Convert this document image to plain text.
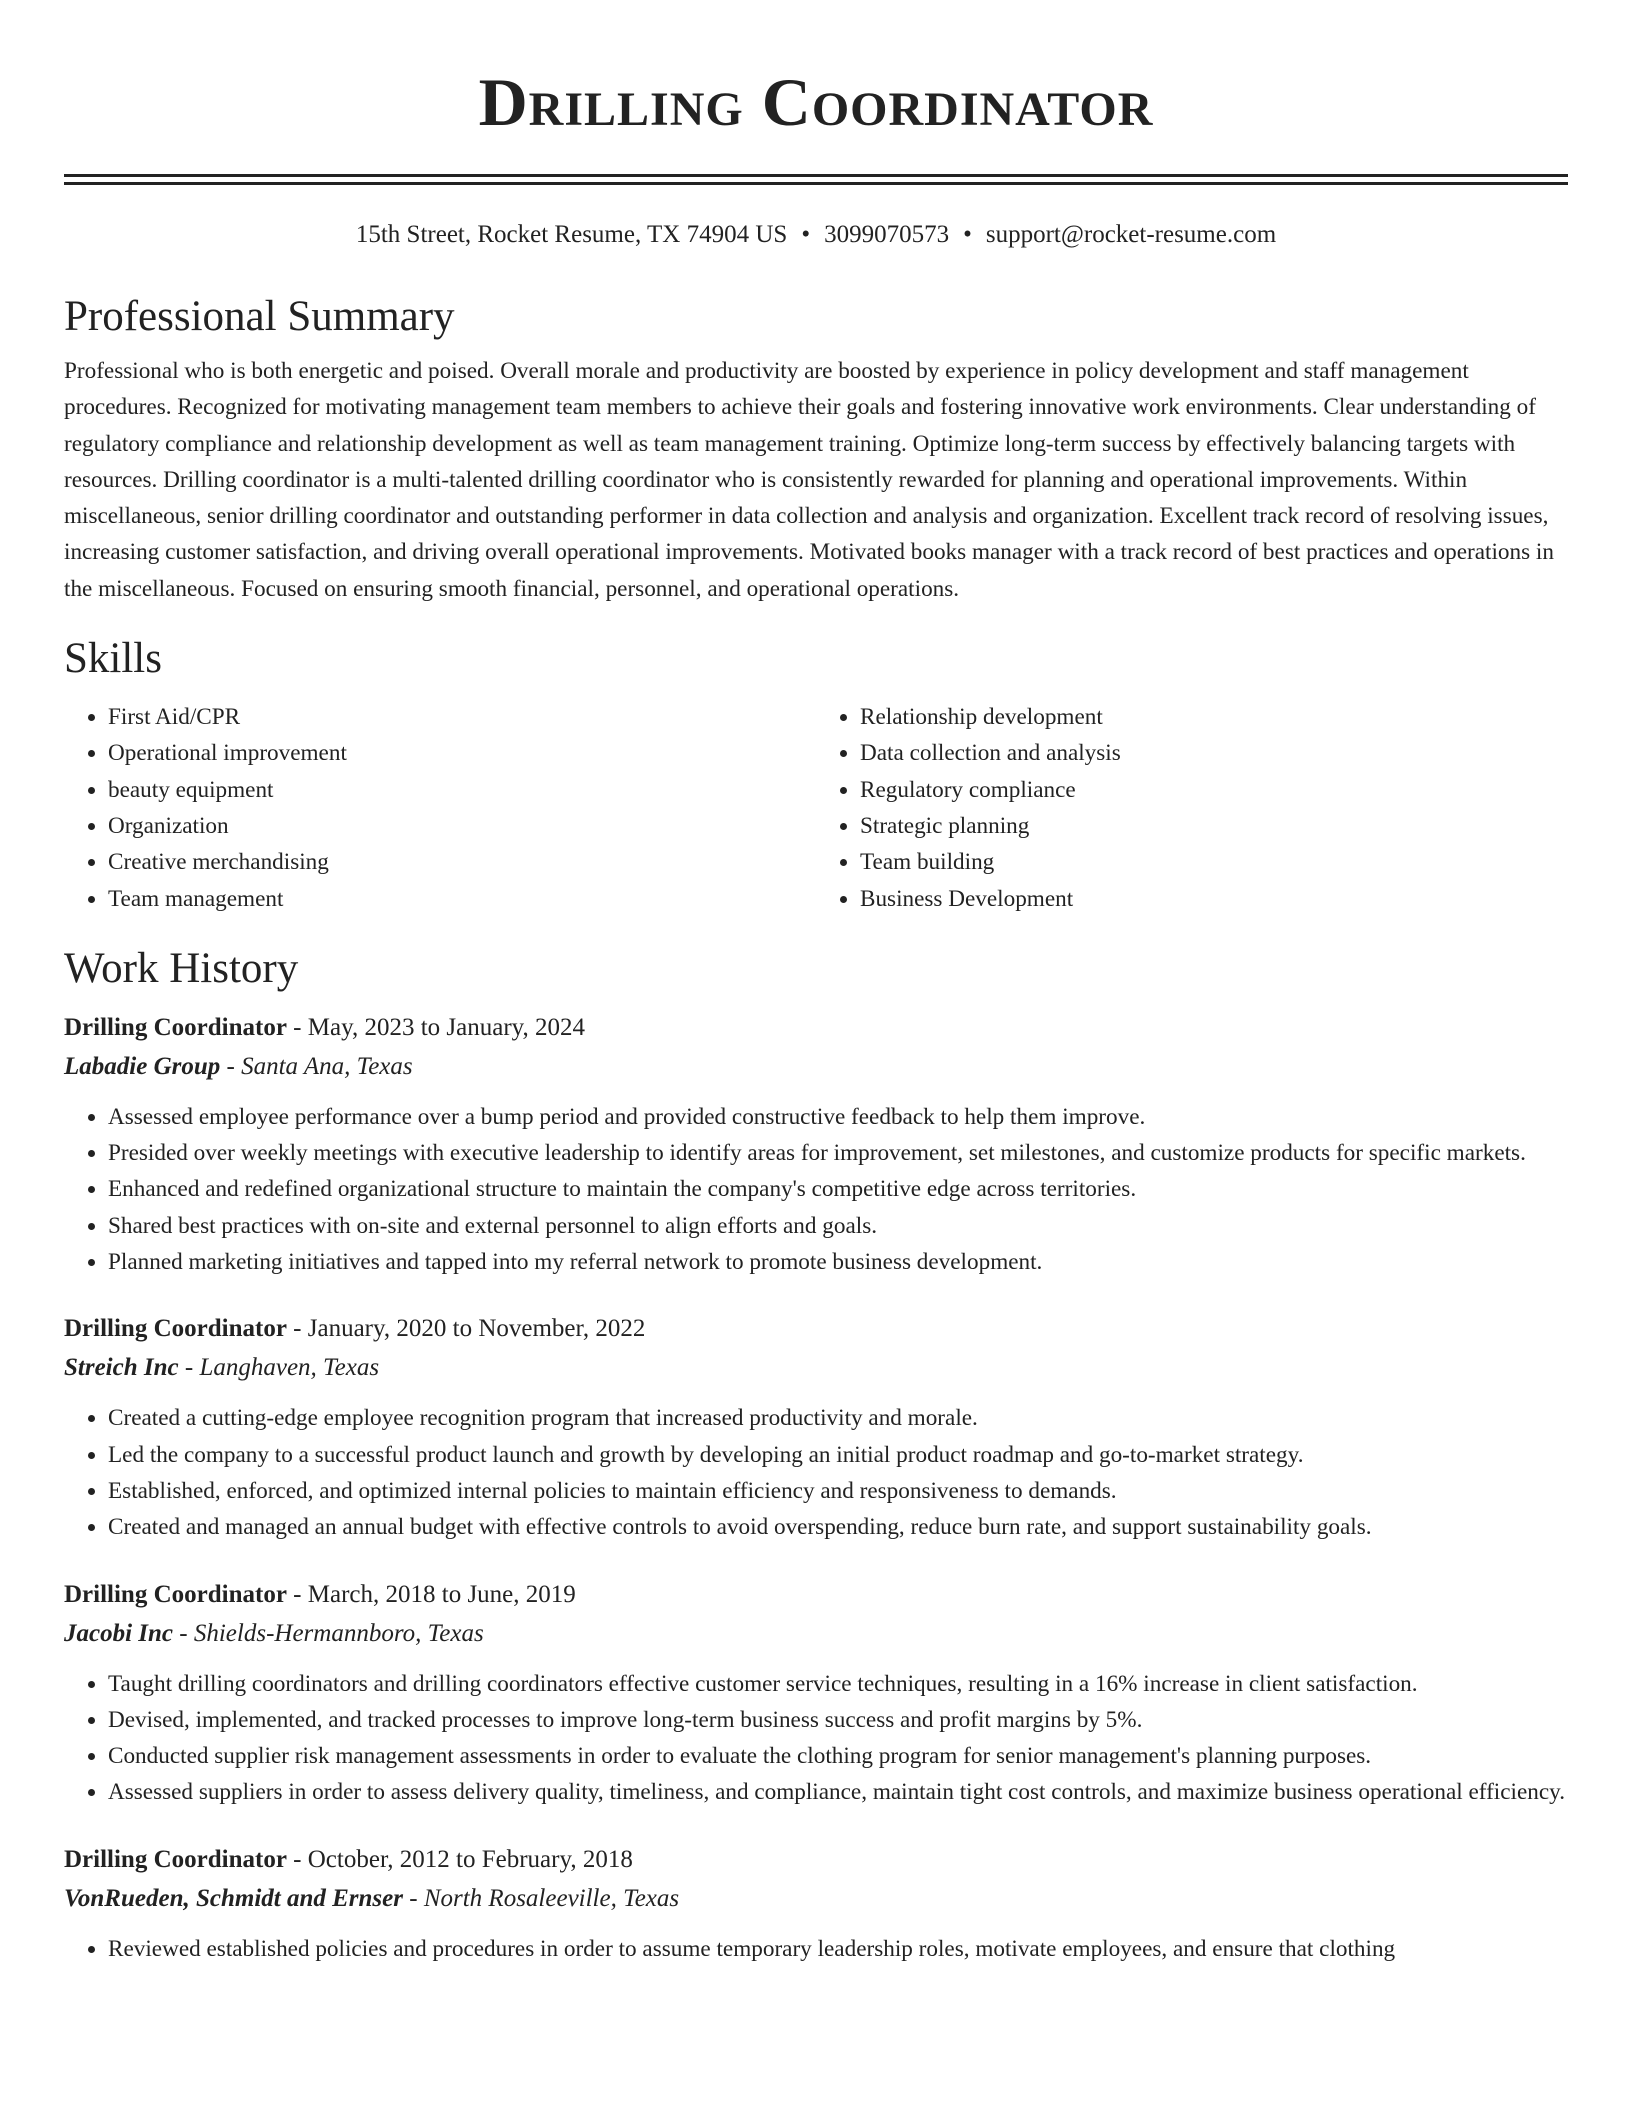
Drilling Coordinator
15th Street, Rocket Resume, TX 74904 US • 3099070573 • support@rocket-resume.com
Professional Summary

Professional who is both energetic and poised. Overall morale and productivity are boosted by experience in policy development and staff management procedures. Recognized for motivating management team members to achieve their goals and fostering innovative work environments. Clear understanding of regulatory compliance and relationship development as well as team management training. Optimize long-term success by effectively balancing targets with resources. Drilling coordinator is a multi-talented drilling coordinator who is consistently rewarded for planning and operational improvements. Within miscellaneous, senior drilling coordinator and outstanding performer in data collection and analysis and organization. Excellent track record of resolving issues, increasing customer satisfaction, and driving overall operational improvements. Motivated books manager with a track record of best practices and operations in the miscellaneous. Focused on ensuring smooth financial, personnel, and operational operations.

Skills
• First Aid/CPR
• Operational improvement
• beauty equipment
• Organization
• Creative merchandising
• Team management
• Relationship development
• Data collection and analysis
• Regulatory compliance
• Strategic planning
• Team building
• Business Development
Work History
Drilling Coordinator - May, 2023 to January, 2024
Labadie Group - Santa Ana, Texas
• Assessed employee performance over a bump period and provided constructive feedback to help them improve.
• Presided over weekly meetings with executive leadership to identify areas for improvement, set milestones, and customize products for specific markets.
• Enhanced and redefined organizational structure to maintain the company's competitive edge across territories.
• Shared best practices with on-site and external personnel to align efforts and goals.
• Planned marketing initiatives and tapped into my referral network to promote business development.
Drilling Coordinator - January, 2020 to November, 2022
Streich Inc - Langhaven, Texas
• Created a cutting-edge employee recognition program that increased productivity and morale.
• Led the company to a successful product launch and growth by developing an initial product roadmap and go-to-market strategy.
• Established, enforced, and optimized internal policies to maintain efficiency and responsiveness to demands.
• Created and managed an annual budget with effective controls to avoid overspending, reduce burn rate, and support sustainability goals.
Drilling Coordinator - March, 2018 to June, 2019
Jacobi Inc - Shields-Hermannboro, Texas
• Taught drilling coordinators and drilling coordinators effective customer service techniques, resulting in a 16% increase in client satisfaction.
• Devised, implemented, and tracked processes to improve long-term business success and profit margins by 5%.
• Conducted supplier risk management assessments in order to evaluate the clothing program for senior management's planning purposes.
• Assessed suppliers in order to assess delivery quality, timeliness, and compliance, maintain tight cost controls, and maximize business operational efficiency.
Drilling Coordinator - October, 2012 to February, 2018
VonRueden, Schmidt and Ernser - North Rosaleeville, Texas
• Reviewed established policies and procedures in order to assume temporary leadership roles, motivate employees, and ensure that clothing
